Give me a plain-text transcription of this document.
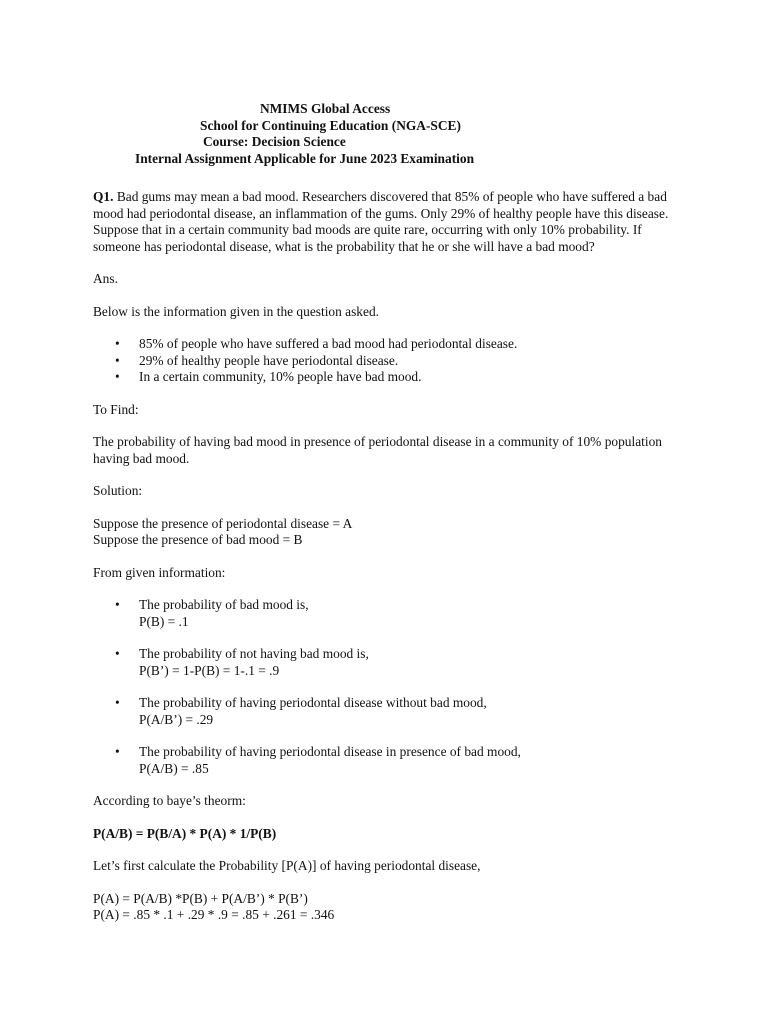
NMIMS Global Access
School for Continuing Education (NGA-SCE)
Course: Decision Science
Internal Assignment Applicable for June 2023 Examination

Q1. Bad gums may mean a bad mood. Researchers discovered that 85% of people who have suffered a bad mood had periodontal disease, an inflammation of the gums. Only 29% of healthy people have this disease. Suppose that in a certain community bad moods are quite rare, occurring with only 10% probability. If someone has periodontal disease, what is the probability that he or she will have a bad mood?

Ans.

Below is the information given in the question asked.

• 85% of people who have suffered a bad mood had periodontal disease.
• 29% of healthy people have periodontal disease.
• In a certain community, 10% people have bad mood.

To Find:

The probability of having bad mood in presence of periodontal disease in a community of 10% population having bad mood.

Solution:

Suppose the presence of periodontal disease = A
Suppose the presence of bad mood = B

From given information:

• The probability of bad mood is,
P(B) = .1
• The probability of not having bad mood is,
P(B’) = 1-P(B) = 1-.1 = .9
• The probability of having periodontal disease without bad mood,
P(A/B’) = .29
• The probability of having periodontal disease in presence of bad mood,
P(A/B) = .85

According to baye’s theorm:

P(A/B) = P(B/A) * P(A) * 1/P(B)

Let’s first calculate the Probability [P(A)] of having periodontal disease,

P(A) = P(A/B) *P(B) + P(A/B’) * P(B’)
P(A) = .85 * .1 + .29 * .9 = .85 + .261 = .346
